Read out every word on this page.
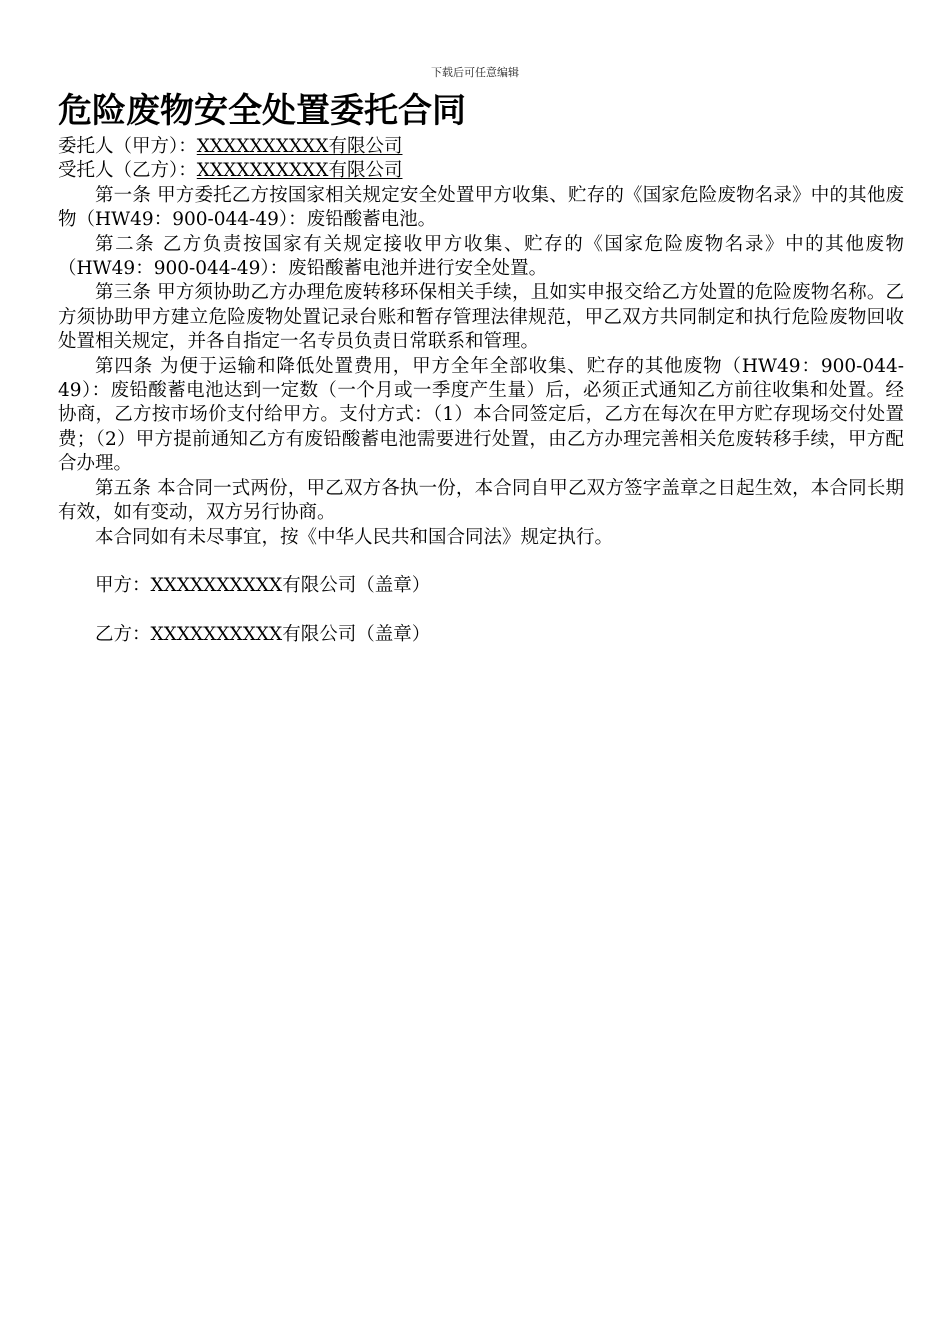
下载后可任意编辑
危险废物安全处置委托合同
委托人（甲方）：XXXXXXXXXX有限公司
受托人（乙方）：XXXXXXXXXX有限公司

第一条 甲方委托乙方按国家相关规定安全处置甲方收集、贮存的《国家危险废物名录》中的其他废物（HW49：900-044-49）：废铅酸蓄电池。

第二条 乙方负责按国家有关规定接收甲方收集、贮存的《国家危险废物名录》中的其他废物（HW49：900-044-49）：废铅酸蓄电池并进行安全处置。

第三条 甲方须协助乙方办理危废转移环保相关手续，且如实申报交给乙方处置的危险废物名称。乙方须协助甲方建立危险废物处置记录台账和暂存管理法律规范，甲乙双方共同制定和执行危险废物回收处置相关规定，并各自指定一名专员负责日常联系和管理。

第四条 为便于运输和降低处置费用，甲方全年全部收集、贮存的其他废物（HW49：900-044-49）：废铅酸蓄电池达到一定数（一个月或一季度产生量）后，必须正式通知乙方前往收集和处置。经协商，乙方按市场价支付给甲方。支付方式：（1）本合同签定后，乙方在每次在甲方贮存现场交付处置费；（2）甲方提前通知乙方有废铅酸蓄电池需要进行处置，由乙方办理完善相关危废转移手续，甲方配合办理。

第五条 本合同一式两份，甲乙双方各执一份，本合同自甲乙双方签字盖章之日起生效，本合同长期有效，如有变动，双方另行协商。

本合同如有未尽事宜，按《中华人民共和国合同法》规定执行。

甲方：XXXXXXXXXX有限公司（盖章）

乙方：XXXXXXXXXX有限公司（盖章）
